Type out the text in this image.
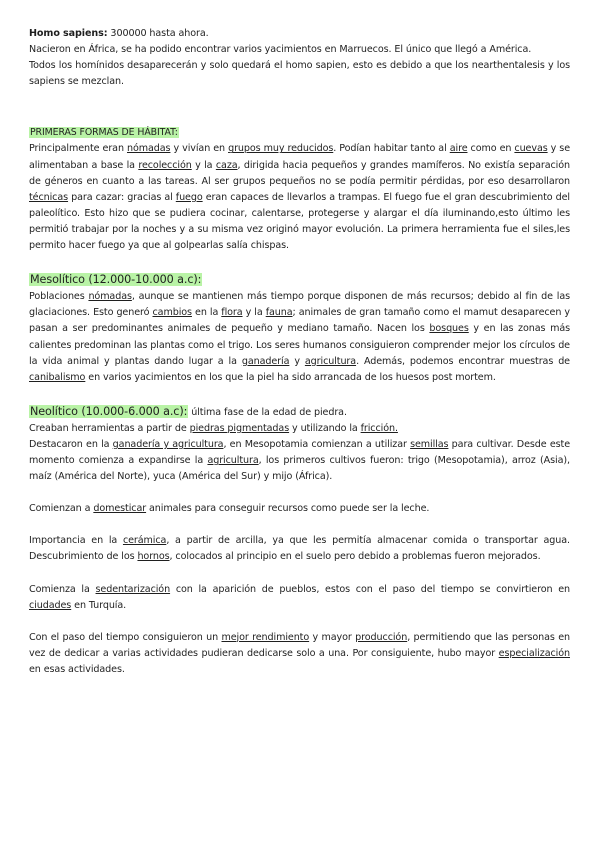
Homo sapiens: 300000 hasta ahora.

Nacieron en África, se ha podido encontrar varios yacimientos en Marruecos. El único que llegó a América.

Todos los homínidos desaparecerán y solo quedará el homo sapien, esto es debido a que los nearthentalesis y los sapiens se mezclan.

PRIMERAS FORMAS DE HÁBITAT:

Principalmente eran nómadas y vivían en grupos muy reducidos. Podían habitar tanto al aire como en cuevas y se alimentaban a base la recolección y la caza, dirigida hacia pequeños y grandes mamíferos. No existía separación de géneros en cuanto a las tareas. Al ser grupos pequeños no se podía permitir pérdidas, por eso desarrollaron técnicas para cazar: gracias al fuego eran capaces de llevarlos a trampas. El fuego fue el gran descubrimiento del paleolítico. Esto hizo que se pudiera cocinar, calentarse, protegerse y alargar el día iluminando,esto último les permitió trabajar por la noches y a su misma vez originó mayor evolución. La primera herramienta fue el siles,les permito hacer fuego ya que al golpearlas salía chispas.

Mesolítico (12.000-10.000 a.c):

Poblaciones nómadas, aunque se mantienen más tiempo porque disponen de más recursos; debido al fin de las glaciaciones. Esto generó cambios en la flora y la fauna; animales de gran tamaño como el mamut desaparecen y pasan a ser predominantes animales de pequeño y mediano tamaño. Nacen los bosques y en las zonas más calientes predominan las plantas como el trigo. Los seres humanos consiguieron comprender mejor los círculos de la vida animal y plantas dando lugar a la ganadería y agricultura. Además, podemos encontrar muestras de canibalismo en varios yacimientos en los que la piel ha sido arrancada de los huesos post mortem.

Neolítico (10.000-6.000 a.c): última fase de la edad de piedra.

Creaban herramientas a partir de piedras pigmentadas y utilizando la fricción.

Destacaron en la ganadería y agricultura, en Mesopotamia comienzan a utilizar semillas para cultivar. Desde este momento comienza a expandirse la agricultura, los primeros cultivos fueron: trigo (Mesopotamia), arroz (Asia), maíz (América del Norte), yuca (América del Sur) y mijo (África).

Comienzan a domesticar animales para conseguir recursos como puede ser la leche.

Importancia en la cerámica, a partir de arcilla, ya que les permitía almacenar comida o transportar agua. Descubrimiento de los hornos, colocados al principio en el suelo pero debido a problemas fueron mejorados.

Comienza la sedentarización con la aparición de pueblos, estos con el paso del tiempo se convirtieron en ciudades en Turquía.

Con el paso del tiempo consiguieron un mejor rendimiento y mayor producción, permitiendo que las personas en vez de dedicar a varias actividades pudieran dedicarse solo a una. Por consiguiente, hubo mayor especialización en esas actividades.
